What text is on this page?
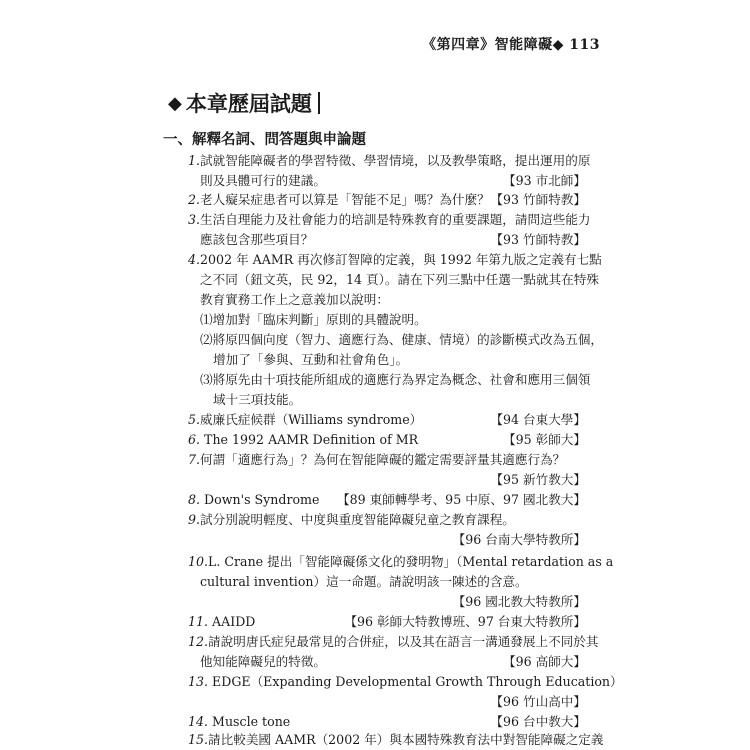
《第四章》智能障礙◆ 113
◆ 本章歷屆試題
一、解釋名詞、問答題與申論題
1.試就智能障礙者的學習特徵、學習情境，以及教學策略，提出運用的原
則及具體可行的建議。	【93 市北師】
2.老人癡呆症患者可以算是「智能不足」嗎？為什麼？ 【93 竹師特教】
3.生活自理能力及社會能力的培訓是特殊教育的重要課題，請問這些能力
應該包含那些項目？	【93 竹師特教】
4.2002 年 AAMR 再次修訂智障的定義，與 1992 年第九版之定義有七點
之不同（鈕文英，民 92，14 頁）。請在下列三點中任選一點就其在特殊
教育實務工作上之意義加以說明：
⑴增加對「臨床判斷」原則的具體說明。
⑵將原四個向度（智力、適應行為、健康、情境）的診斷模式改為五個，
增加了「參與、互動和社會角色」。
⑶將原先由十項技能所組成的適應行為界定為概念、社會和應用三個領
域十三項技能。
5.威廉氏症候群（Williams syndrome）	【94 台東大學】
6. The 1992 AAMR Definition of MR	【95 彰師大】
7.何謂「適應行為」？為何在智能障礙的鑑定需要評量其適應行為？
【95 新竹教大】
8. Down's Syndrome	【89 東師轉學考、95 中原、97 國北教大】
9.試分別說明輕度、中度與重度智能障礙兒童之教育課程。
【96 台南大學特教所】
10.L. Crane 提出「智能障礙係文化的發明物」（Mental retardation as a
cultural invention）這一命題。請說明該一陳述的含意。
【96 國北教大特教所】
11. AAIDD	【96 彰師大特教博班、97 台東大特教所】
12.請說明唐氏症兒最常見的合併症，以及其在語言一溝通發展上不同於其
他知能障礙兒的特徵。	【96 高師大】
13. EDGE（Expanding Developmental Growth Through Education）
【96 竹山高中】
14. Muscle tone	【96 台中教大】
15.請比較美國 AAMR（2002 年）與本國特殊教育法中對智能障礙之定義
